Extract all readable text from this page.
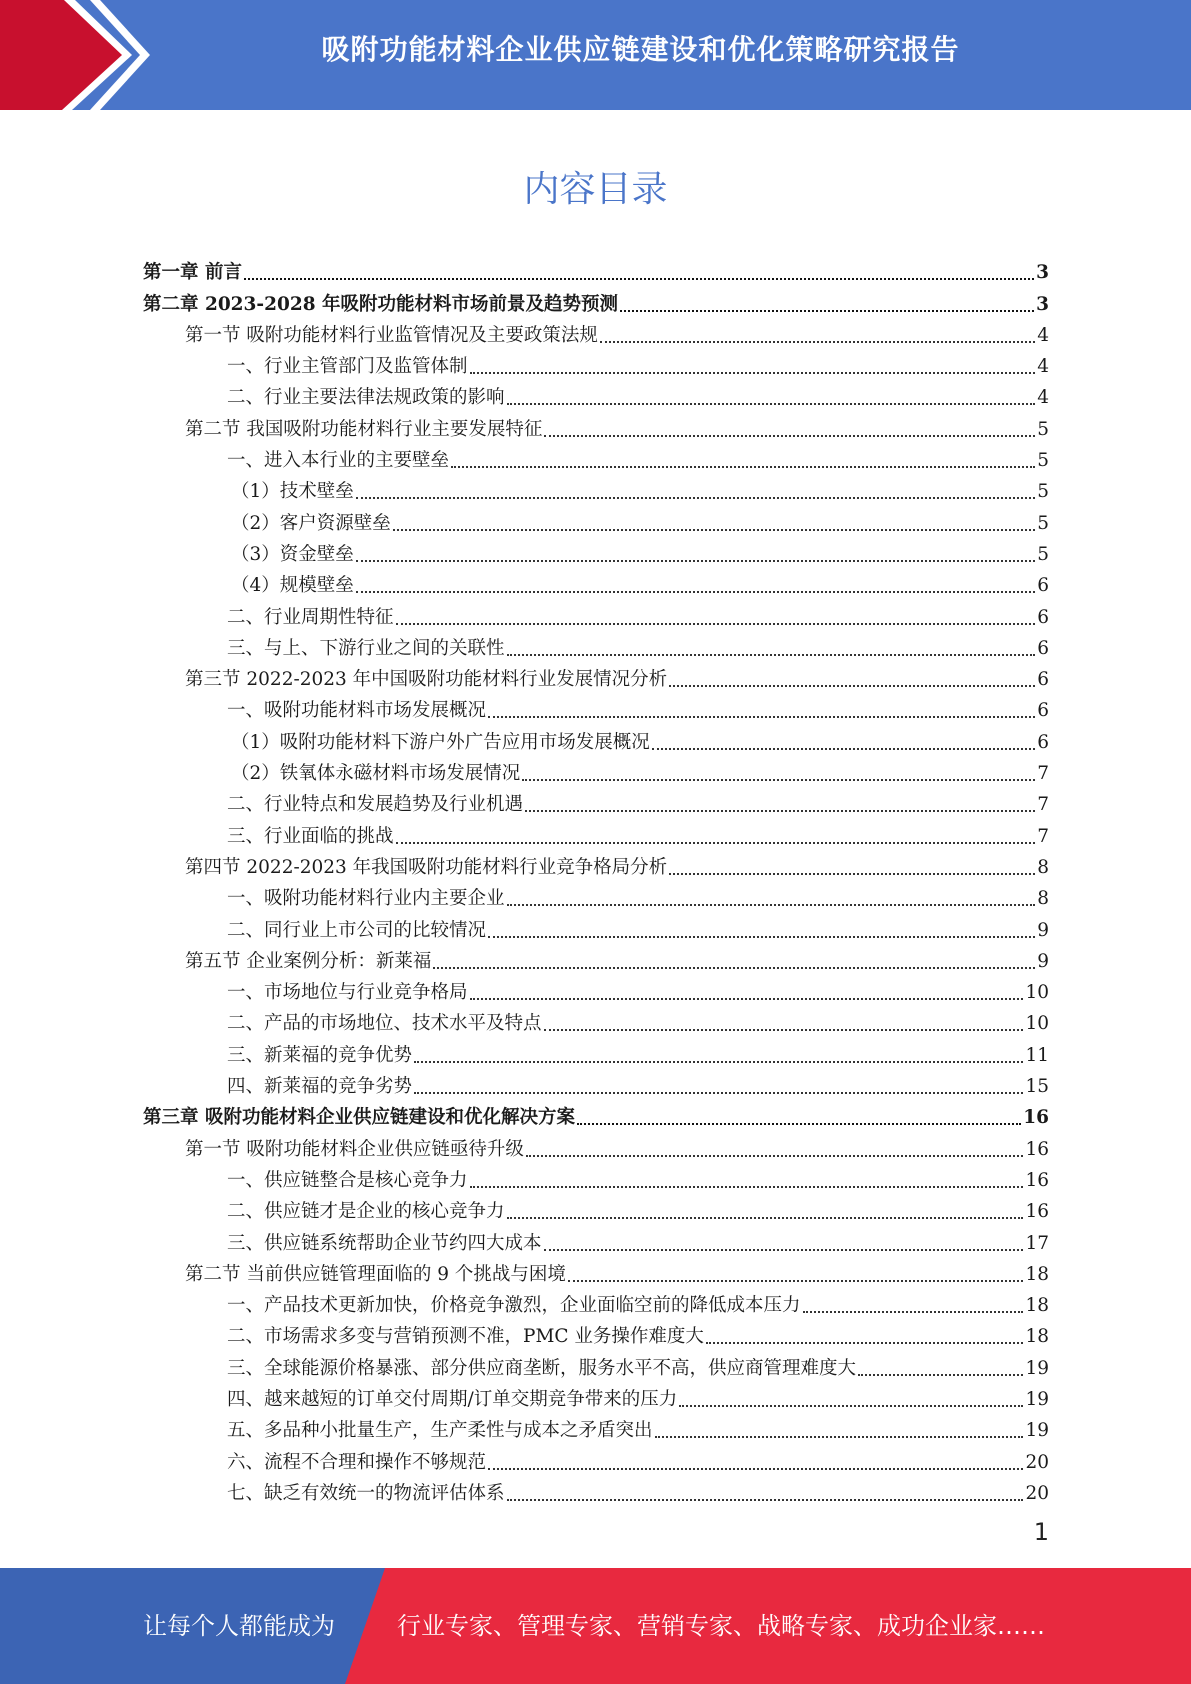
吸附功能材料企业供应链建设和优化策略研究报告
内容目录
第一章 前言	3
第二章 2023-2028 年吸附功能材料市场前景及趋势预测	3
第一节 吸附功能材料行业监管情况及主要政策法规	4
一、行业主管部门及监管体制	4
二、行业主要法律法规政策的影响	4
第二节 我国吸附功能材料行业主要发展特征	5
一、进入本行业的主要壁垒	5
（1）技术壁垒	5
（2）客户资源壁垒	5
（3）资金壁垒	5
（4）规模壁垒	6
二、行业周期性特征	6
三、与上、下游行业之间的关联性	6
第三节 2022-2023 年中国吸附功能材料行业发展情况分析	6
一、吸附功能材料市场发展概况	6
（1）吸附功能材料下游户外广告应用市场发展概况	6
（2）铁氧体永磁材料市场发展情况	7
二、行业特点和发展趋势及行业机遇	7
三、行业面临的挑战	7
第四节 2022-2023 年我国吸附功能材料行业竞争格局分析	8
一、吸附功能材料行业内主要企业	8
二、同行业上市公司的比较情况	9
第五节 企业案例分析：新莱福	9
一、市场地位与行业竞争格局	10
二、产品的市场地位、技术水平及特点	10
三、新莱福的竞争优势	11
四、新莱福的竞争劣势	15
第三章 吸附功能材料企业供应链建设和优化解决方案	16
第一节 吸附功能材料企业供应链亟待升级	16
一、供应链整合是核心竞争力	16
二、供应链才是企业的核心竞争力	16
三、供应链系统帮助企业节约四大成本	17
第二节 当前供应链管理面临的 9 个挑战与困境	18
一、产品技术更新加快，价格竞争激烈，企业面临空前的降低成本压力	18
二、市场需求多变与营销预测不准，PMC 业务操作难度大	18
三、全球能源价格暴涨、部分供应商垄断，服务水平不高，供应商管理难度大	19
四、越来越短的订单交付周期/订单交期竞争带来的压力	19
五、多品种小批量生产，生产柔性与成本之矛盾突出	19
六、流程不合理和操作不够规范	20
七、缺乏有效统一的物流评估体系	20
1
让每个人都能成为	行业专家、管理专家、营销专家、战略专家、成功企业家……
